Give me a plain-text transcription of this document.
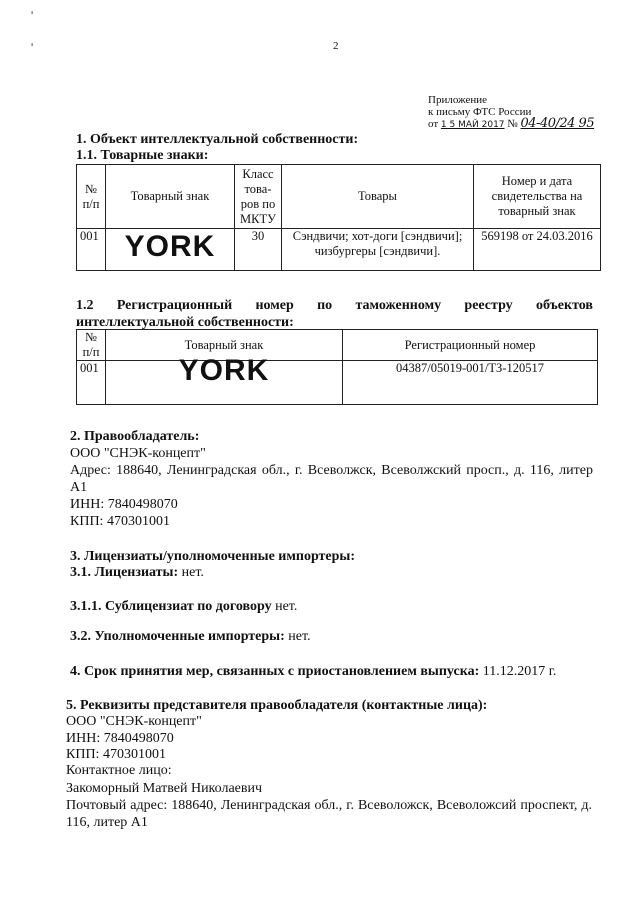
'
'	2
Приложение
к письму ФТС России
от 1 5 МАЙ 2017 № 04-40/24 95
1. Объект интеллектуальной собственности:
1.1. Товарные знаки:
№ п/п	Товарный знак	Класс това-ров по МКТУ	Товары	Номер и дата свидетельства на товарный знак
001	YORK	30	Сэндвичи; хот-доги [сэндвичи]; чизбургеры [сэндвичи].	569198 от 24.03.2016
1.2 Регистрационный номер по таможенному реестру объектов интеллектуальной собственности:
№ п/п	Товарный знак	Регистрационный номер
001	YORK	04387/05019-001/ТЗ-120517
2. Правообладатель:
ООО "СНЭК-концепт"
Адрес: 188640, Ленинградская обл., г. Всеволжск, Всеволжский просп., д. 116, литер А1
ИНН: 7840498070
КПП: 470301001
3. Лицензиаты/уполномоченные импортеры:
3.1. Лицензиаты: нет.
3.1.1. Сублицензиат по договору нет.
3.2. Уполномоченные импортеры: нет.
4. Срок принятия мер, связанных с приостановлением выпуска: 11.12.2017 г.
5. Реквизиты представителя правообладателя (контактные лица):
ООО "СНЭК-концепт"
ИНН: 7840498070
КПП: 470301001
Контактное лицо:
Закоморный Матвей Николаевич
Почтовый адрес: 188640, Ленинградская обл., г. Всеволожск, Всеволожсий проспект, д. 116, литер А1
